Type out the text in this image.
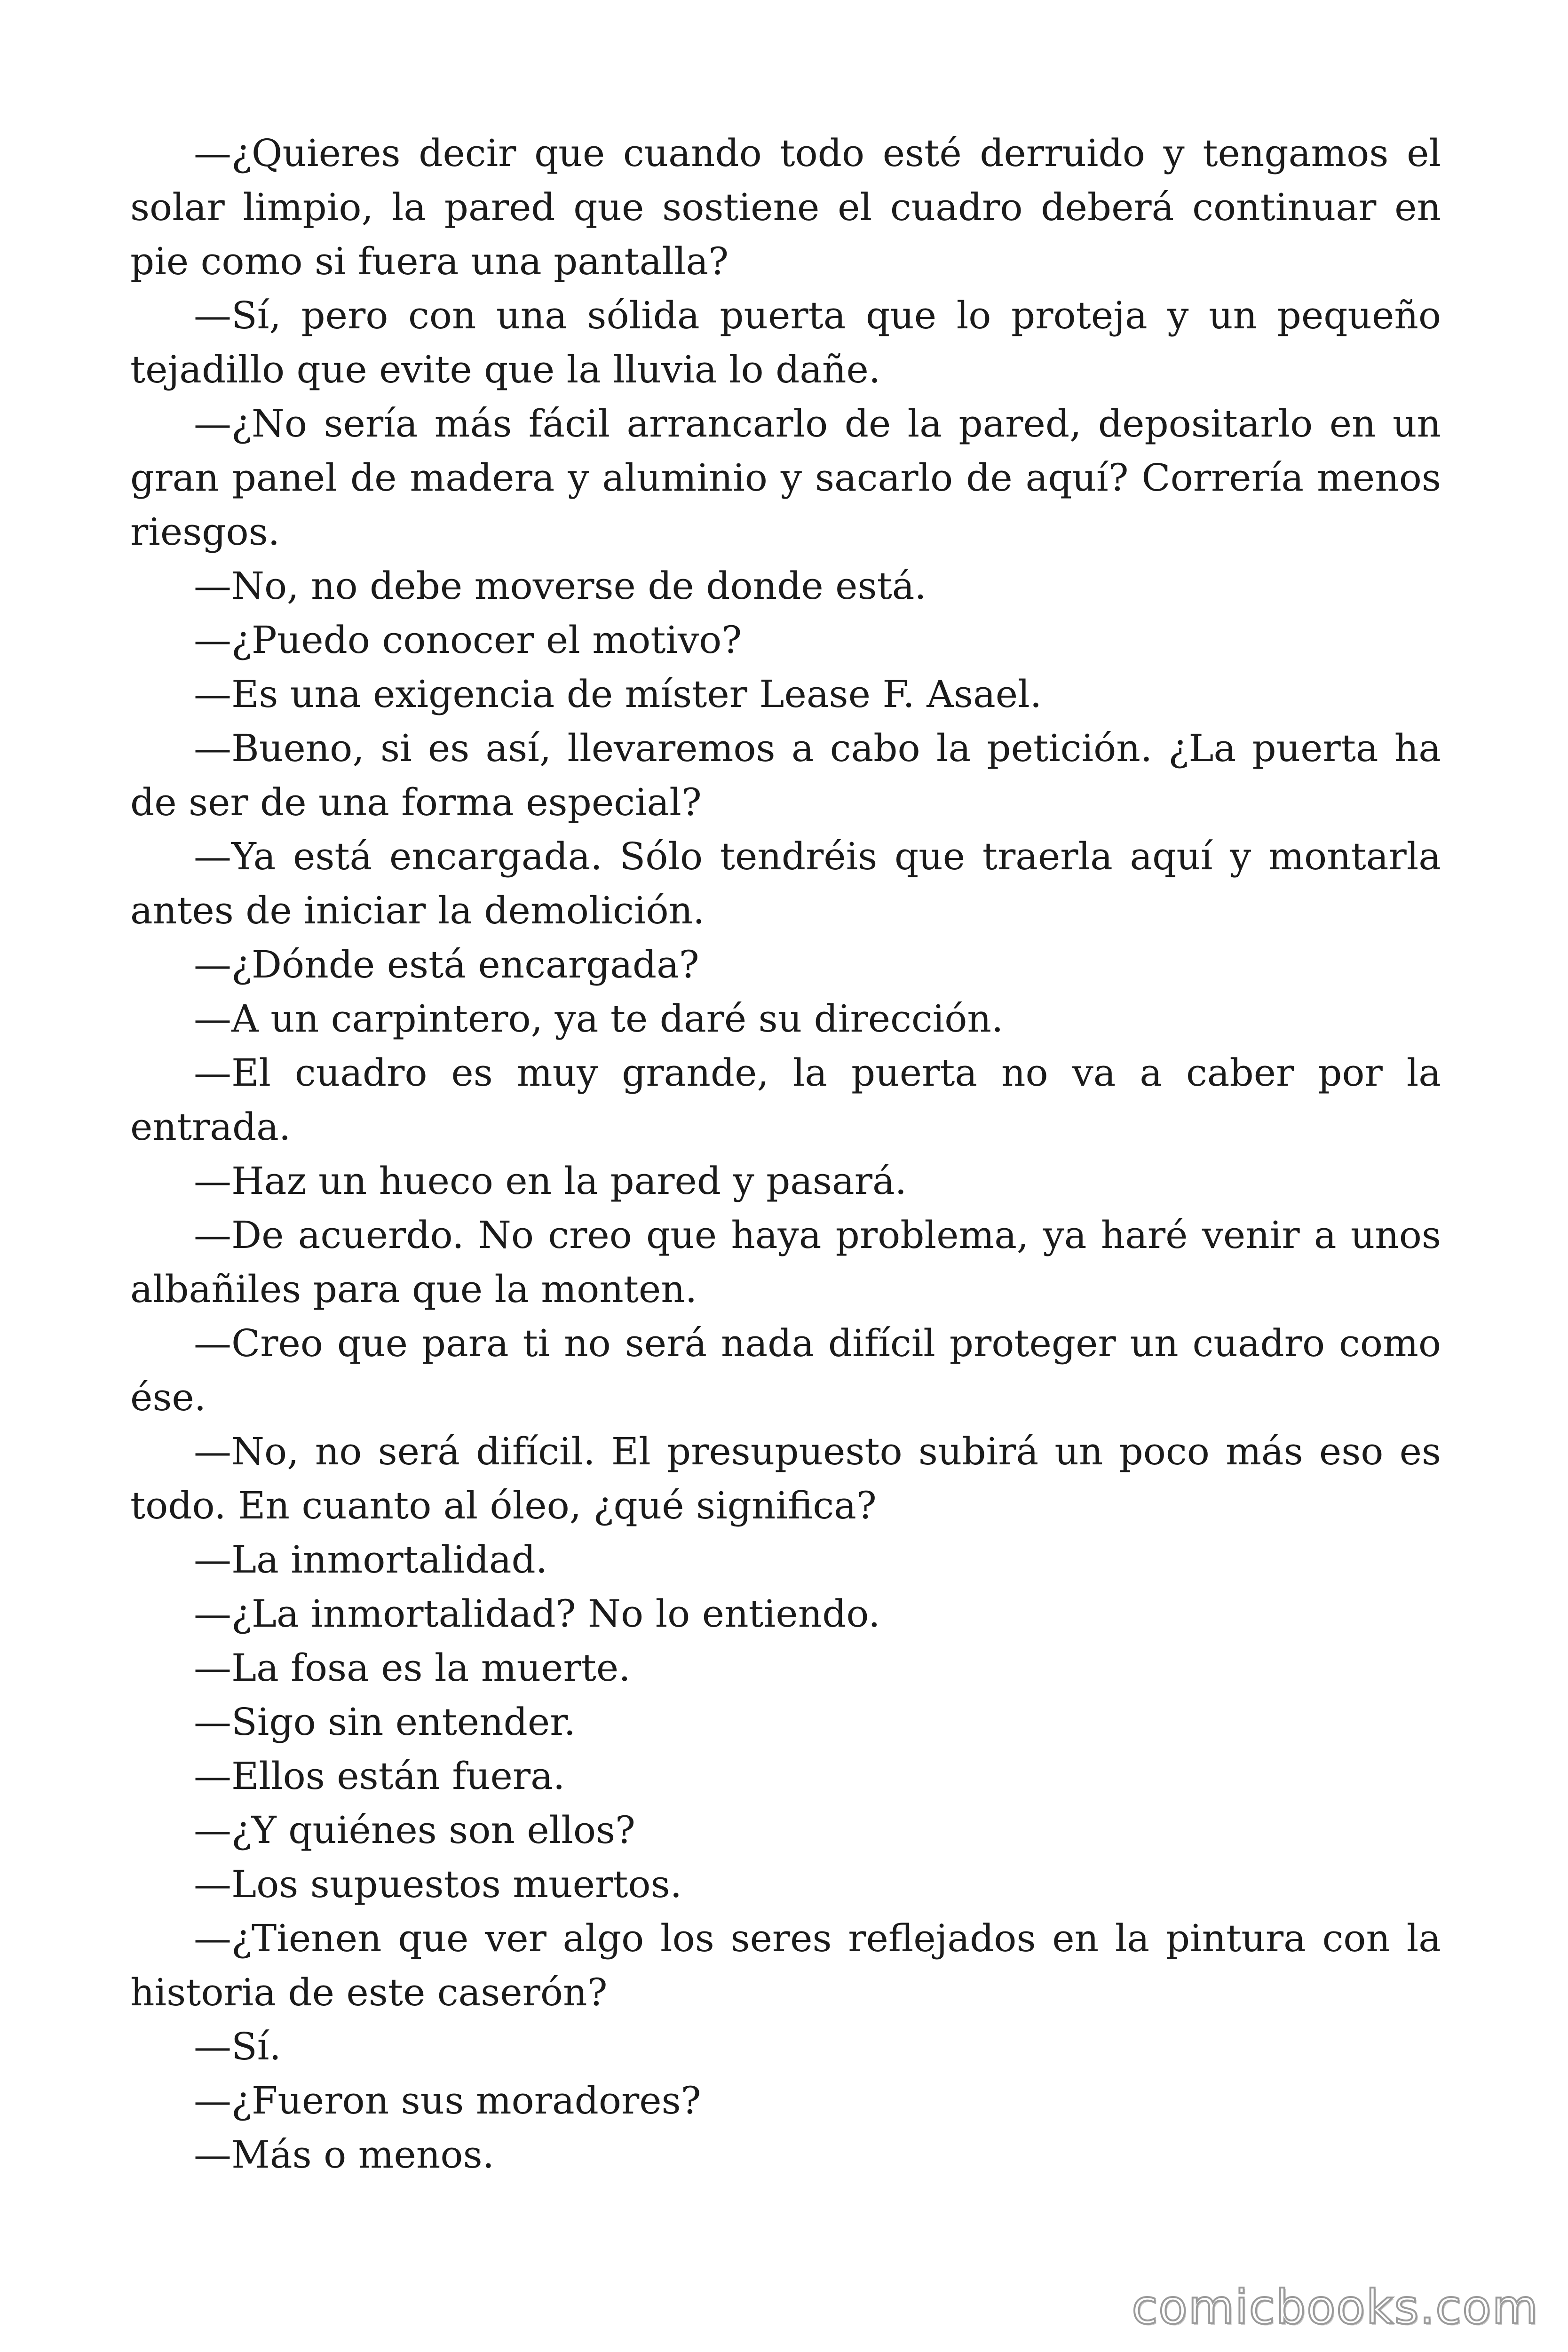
—¿Quieres decir que cuando todo esté derruido y tengamos el solar limpio, la pared que sostiene el cuadro deberá continuar en pie como si fuera una pantalla?

—Sí, pero con una sólida puerta que lo proteja y un pequeño tejadillo que evite que la lluvia lo dañe.

—¿No sería más fácil arrancarlo de la pared, depositarlo en un gran panel de madera y aluminio y sacarlo de aquí? Correría menos riesgos.

—No, no debe moverse de donde está.

—¿Puedo conocer el motivo?

—Es una exigencia de míster Lease F. Asael.

—Bueno, si es así, llevaremos a cabo la petición. ¿La puerta ha de ser de una forma especial?

—Ya está encargada. Sólo tendréis que traerla aquí y montarla antes de iniciar la demolición.

—¿Dónde está encargada?

—A un carpintero, ya te daré su dirección.

—El cuadro es muy grande, la puerta no va a caber por la entrada.

—Haz un hueco en la pared y pasará.

—De acuerdo. No creo que haya problema, ya haré venir a unos albañiles para que la monten.

—Creo que para ti no será nada difícil proteger un cuadro como ése.

—No, no será difícil. El presupuesto subirá un poco más eso es todo. En cuanto al óleo, ¿qué significa?

—La inmortalidad.

—¿La inmortalidad? No lo entiendo.

—La fosa es la muerte.

—Sigo sin entender.

—Ellos están fuera.

—¿Y quiénes son ellos?

—Los supuestos muertos.

—¿Tienen que ver algo los seres reflejados en la pintura con la historia de este caserón?

—Sí.

—¿Fueron sus moradores?

—Más o menos.

comicbooks.com
